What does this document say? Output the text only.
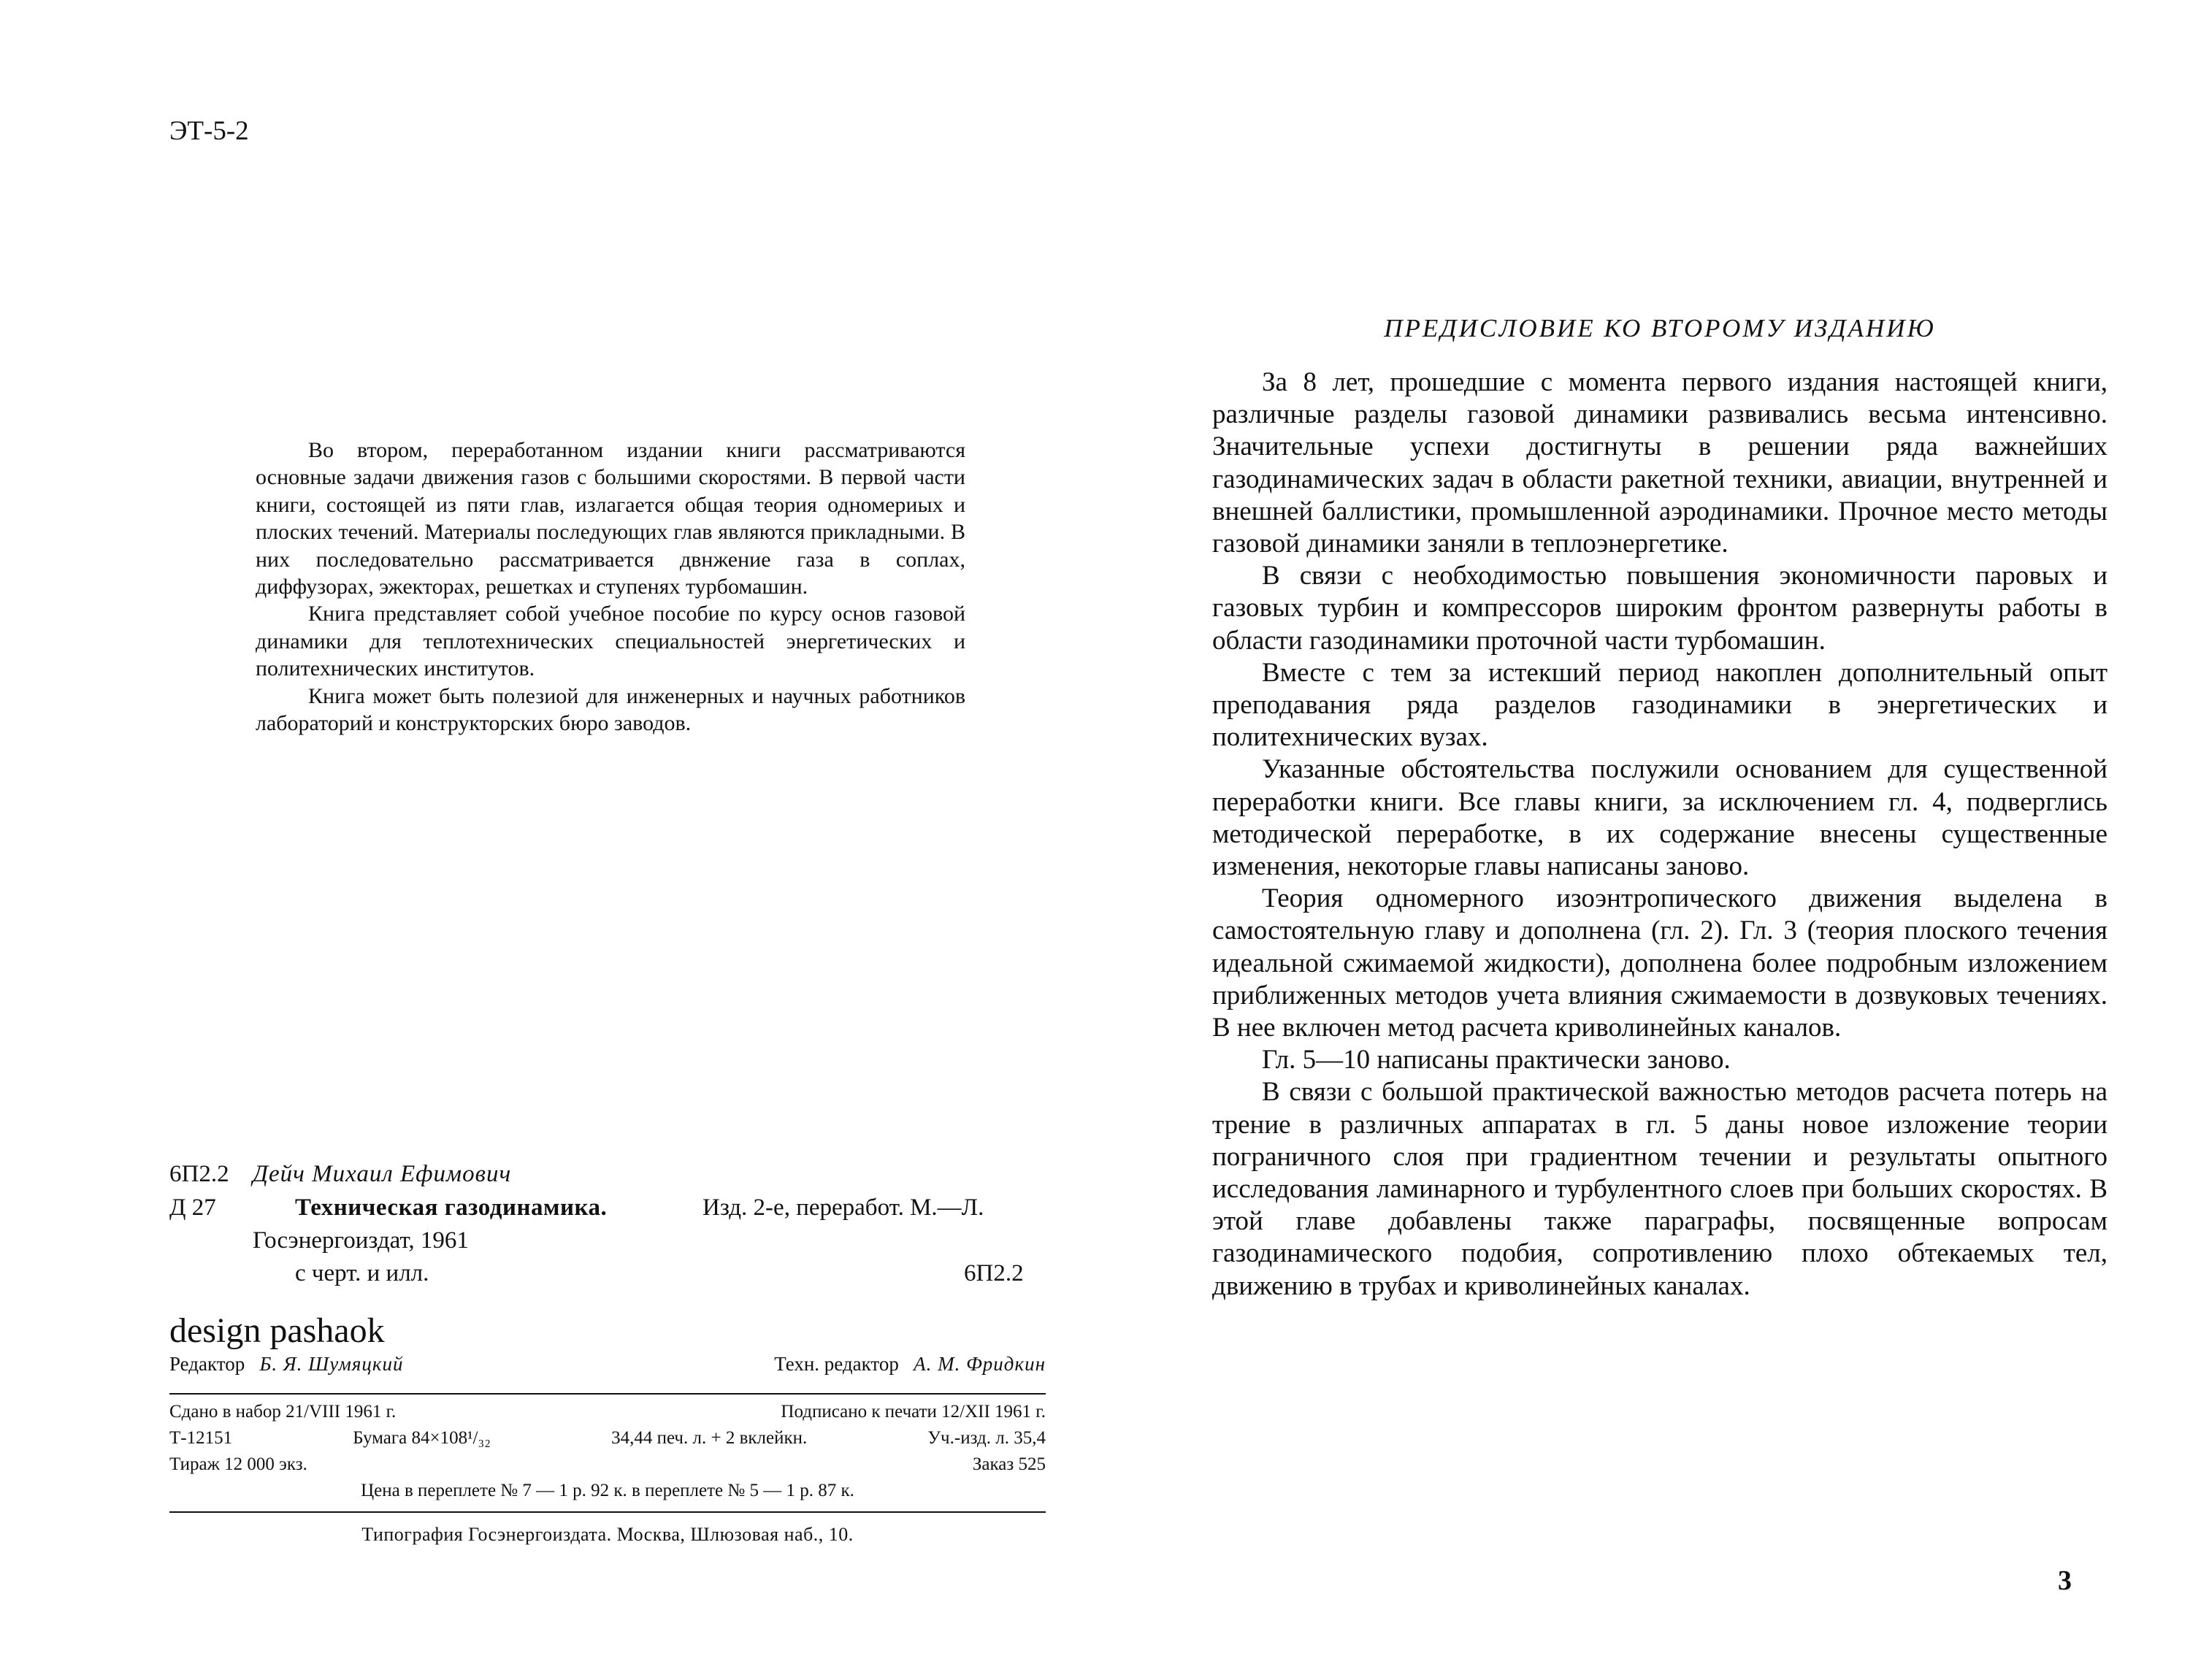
ЭТ-5-2

Во втором, переработанном издании книги рассматриваются основные задачи движения газов с большими скоростями. В первой части книги, состоящей из пяти глав, излагается общая теория одномериых и плоских течений. Материалы последующих глав являются прикладными. В них последовательно рассматривается двнжение газа в соплах, диффузорах, эжекторах, решетках и ступенях турбомашин.

Книга представляет собой учебное пособие по курсу основ газовой динамики для теплотехнических специальностей энергетических и политехнических институтов.

Книга может быть полезиой для инженерных и научных работников лабораторий и конструкторских бюро заводов.

6П2.2 Дейч Михаил Ефимович
Д 27	Техническая газодинамика.	Изд. 2-е, переработ. М.—Л.
Госэнергоиздат, 1961
с черт. и илл.	6П2.2
design pashaok
Редактор Б. Я. Шумяцкий	Техн. редактор А. М. Фридкин
Сдано в набор 21/VIII 1961 г.	Подписано к печати 12/XII 1961 г.
Т-12151	Бумага 84×108¹/₃₂	34,44 печ. л. + 2 вклейкн.	Уч.-изд. л. 35,4
Тираж 12 000 экз.	Заказ 525
Цена в переплете № 7 — 1 р. 92 к. в переплете № 5 — 1 р. 87 к.
Типография Госэнергоиздата. Москва, Шлюзовая наб., 10.
ПРЕДИСЛОВИЕ КО ВТОРОМУ ИЗДАНИЮ

За 8 лет, прошедшие с момента первого издания настоящей книги, различные разделы газовой динамики развивались весьма интенсивно. Значительные успехи достигнуты в решении ряда важнейших газодинамических задач в области ракетной техники, авиации, внутренней и внешней баллистики, промышленной аэродинамики. Прочное место методы газовой динамики заняли в теплоэнергетике.

В связи с необходимостью повышения экономичности паровых и газовых турбин и компрессоров широким фронтом развернуты работы в области газодинамики проточной части турбомашин.

Вместе с тем за истекший период накоплен дополнительный опыт преподавания ряда разделов газодинамики в энергетических и политехнических вузах.

Указанные обстоятельства послужили основанием для существенной переработки книги. Все главы книги, за исключением гл. 4, подверглись методической переработке, в их содержание внесены существенные изменения, некоторые главы написаны заново.

Теория одномерного изоэнтропического движения выделена в самостоятельную главу и дополнена (гл. 2). Гл. 3 (теория плоского течения идеальной сжимаемой жидкости), дополнена более подробным изложением приближенных методов учета влияния сжимаемости в дозвуковых течениях. В нее включен метод расчета криволинейных каналов.

Гл. 5—10 написаны практически заново.

В связи с большой практической важностью методов расчета потерь на трение в различных аппаратах в гл. 5 даны новое изложение теории пограничного слоя при градиентном течении и результаты опытного исследования ламинарного и турбулентного слоев при больших скоростях. В этой главе добавлены также параграфы, посвященные вопросам газодинамического подобия, сопротивлению плохо обтекаемых тел, движению в трубах и криволинейных каналах.

3
